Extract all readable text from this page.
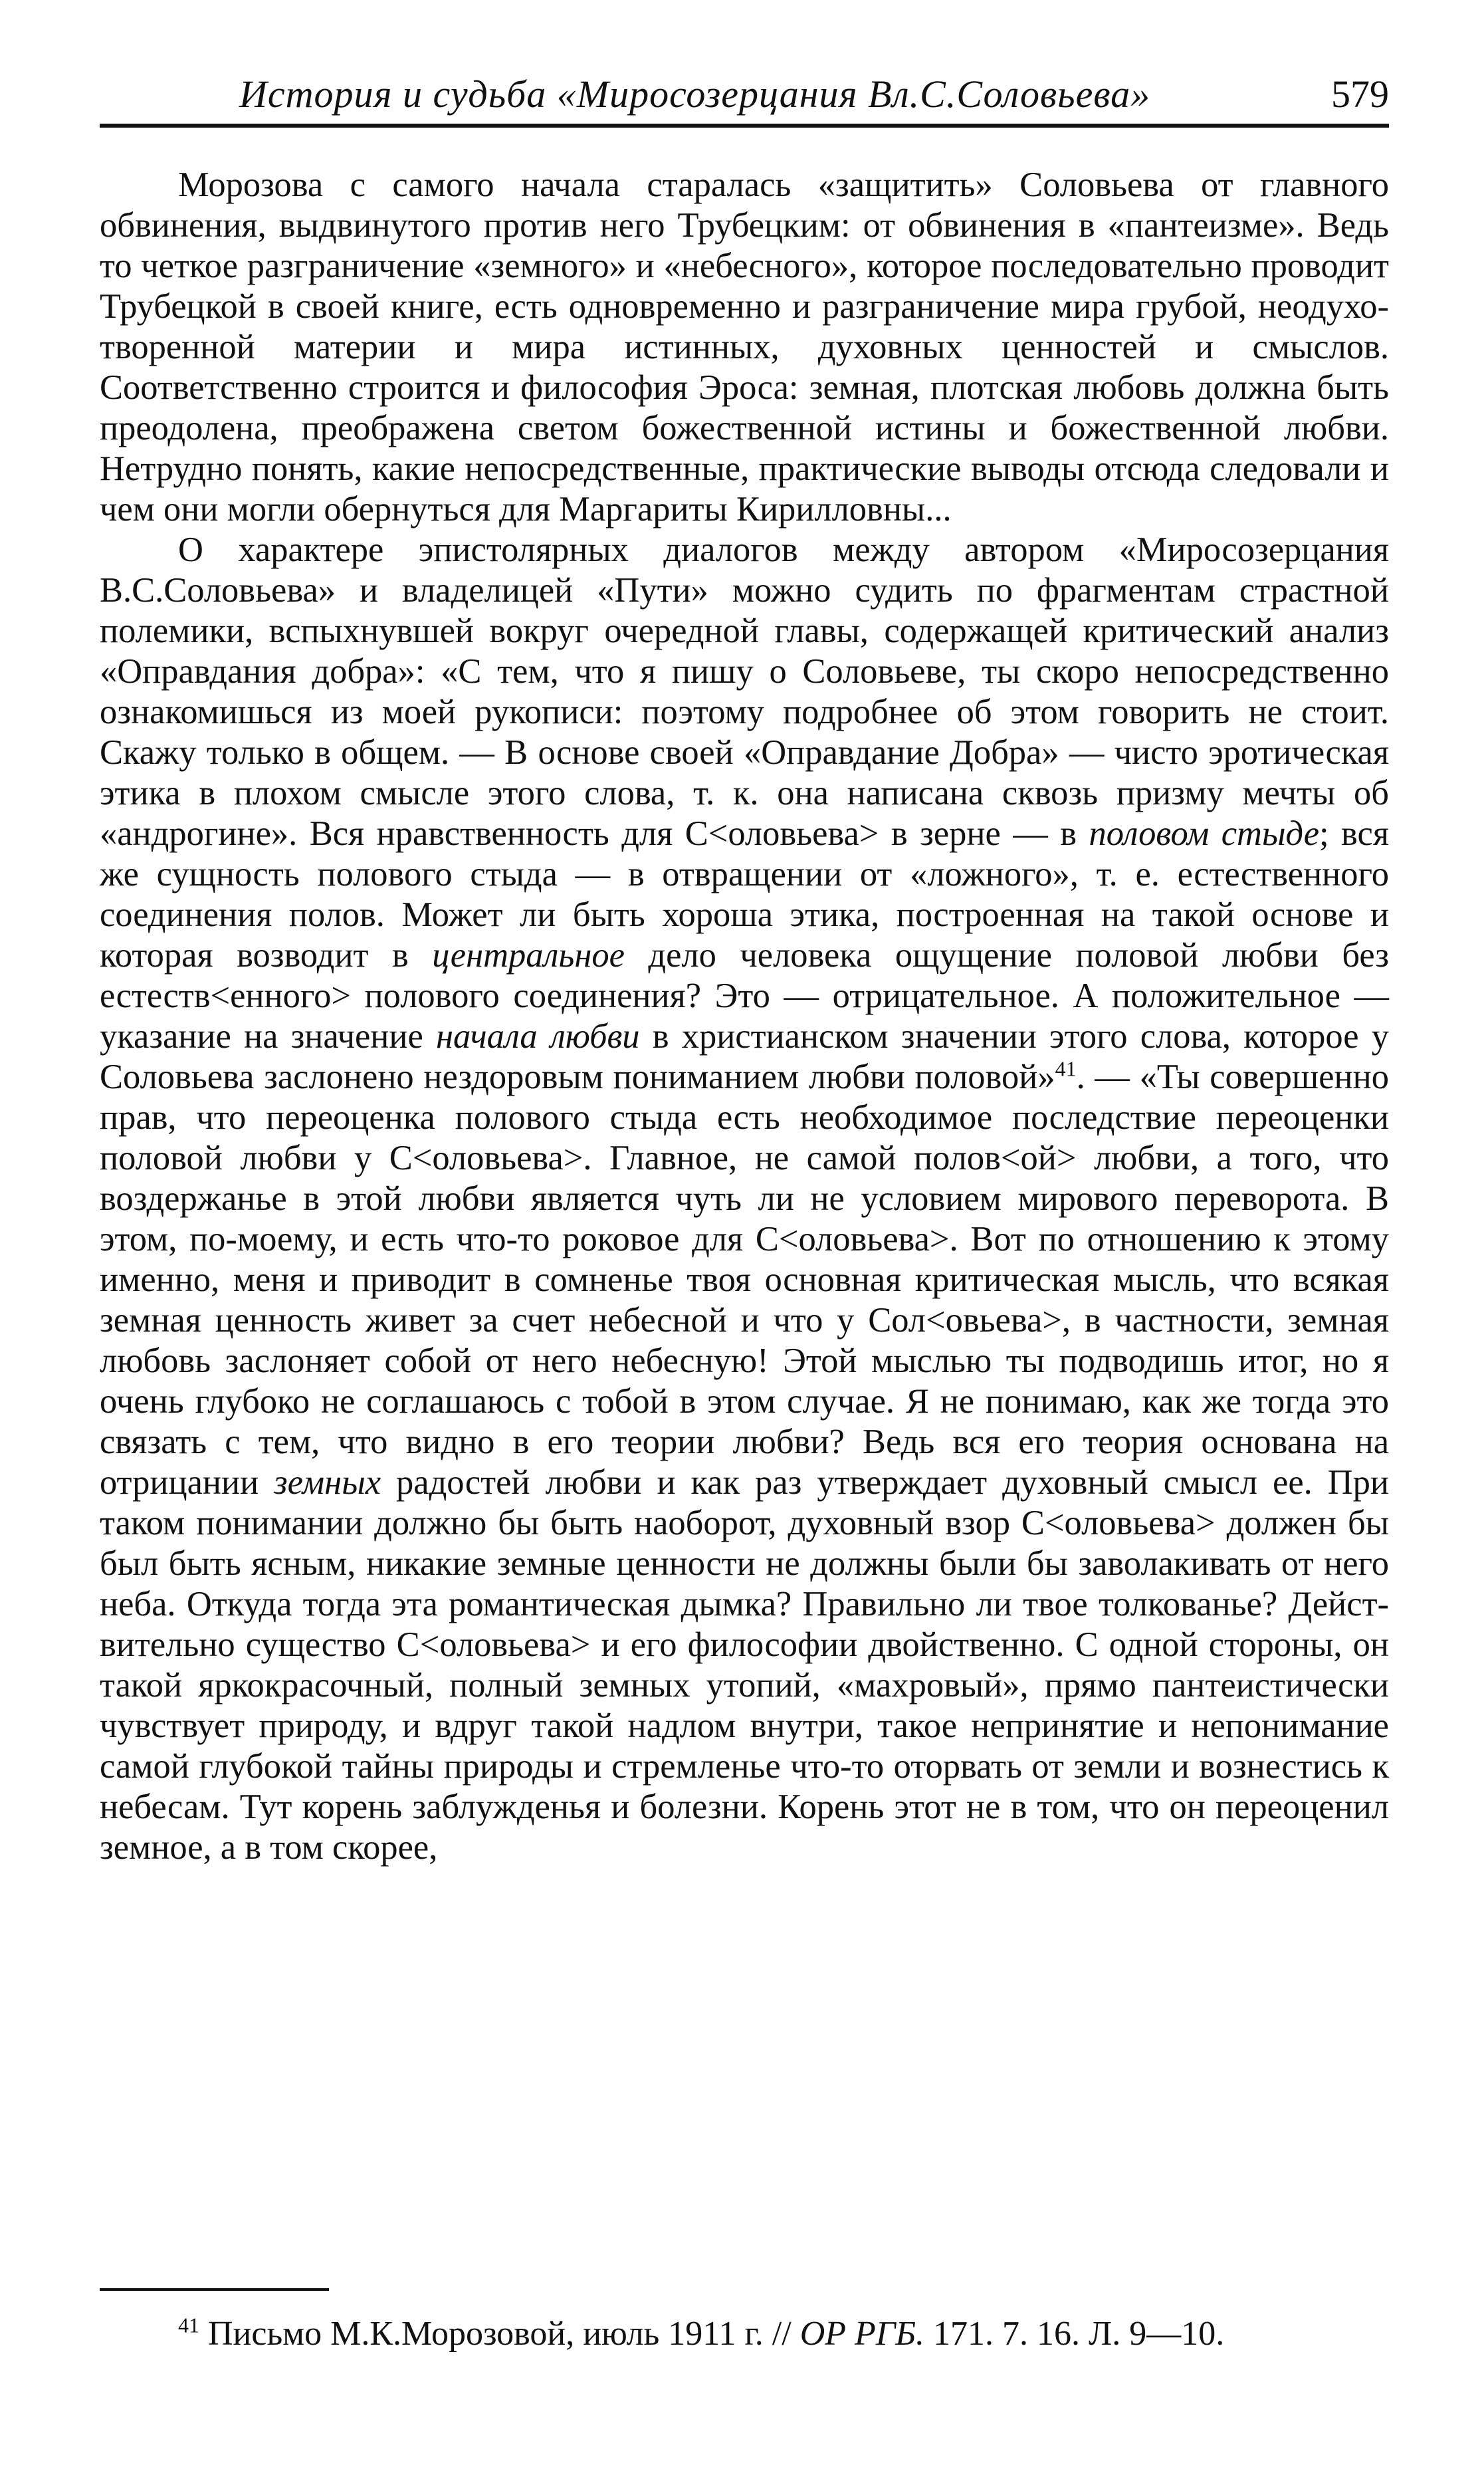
История и судьба «Миросозерцания Вл.С.Соловьева»	579

Морозова с самого начала старалась «защитить» Соловьева от главного обвинения, выдвинутого против него Трубецким: от обвинения в «пантеизме». Ведь то четкое разграничение «земного» и «небесного», которое последовательно проводит Трубецкой в своей книге, есть одновременно и разграничение мира грубой, неодухотворенной материи и мира истинных, духовных ценностей и смыслов. Соответственно строится и философия Эроса: земная, плотская любовь должна быть преодолена, преображена светом божественной истины и божественной любви. Нетрудно понять, какие непосредственные, практические выводы отсюда следовали и чем они могли обернуться для Маргариты Кирилловны...

О характере эпистолярных диалогов между автором «Миросозерцания В.С.Соловьева» и владелицей «Пути» можно судить по фрагментам страстной полемики, вспыхнувшей вокруг очередной главы, содержащей критический анализ «Оправдания добра»: «С тем, что я пишу о Соловьеве, ты скоро непосредственно ознакомишься из моей рукописи: поэтому подробнее об этом говорить не стоит. Скажу только в общем. — В основе своей «Оправдание Добра» — чисто эротическая этика в плохом смысле этого слова, т. к. она написана сквозь призму мечты об «андрогине». Вся нравственность для С<оловьева> в зерне — в половом стыде; вся же сущность полового стыда — в отвращении от «ложного», т. е. естественного соединения полов. Может ли быть хороша этика, построенная на такой основе и которая возводит в центральное дело человека ощущение половой любви без естеств<енного> полового соединения? Это — отрицательное. А положительное — указание на значение начала любви в христианском значении этого слова, которое у Соловьева заслонено нездоровым пониманием любви половой»$^{41}$. — «Ты совершенно прав, что переоценка полового стыда есть необходимое последствие переоценки половой любви у С<оловьева>. Главное, не самой полов<ой> любви, а того, что воздержанье в этой любви является чуть ли не условием мирового переворота. В этом, по-моему, и есть что-то роковое для С<оловьева>. Вот по отношению к этому именно, меня и приводит в сомненье твоя основная критическая мысль, что всякая земная ценность живет за счет небесной и что у Сол<овьева>, в частности, земная любовь заслоняет собой от него небесную! Этой мыслью ты подводишь итог, но я очень глубоко не соглашаюсь с тобой в этом случае. Я не понимаю, как же тогда это связать с тем, что видно в его теории любви? Ведь вся его теория основана на отрицании земных радостей любви и как раз утверждает духовный смысл ее. При таком понимании должно бы быть наоборот, духовный взор С<оловьева> должен бы был быть ясным, никакие земные ценности не должны были бы заволакивать от него неба. Откуда тогда эта романтическая дымка? Правильно ли твое толкованье? Действительно существо С<оловьева> и его философии двойственно. С одной стороны, он такой яркокрасочный, полный земных утопий, «махровый», прямо пантеистически чувствует природу, и вдруг такой надлом внутри, такое непринятие и непонимание самой глубокой тайны природы и стремленье что-то оторвать от земли и вознестись к небесам. Тут корень заблужденья и болезни. Корень этот не в том, что он переоценил земное, а в том скорее,

$^{41}$ Письмо М.К.Морозовой, июль 1911 г. // ОР РГБ. 171. 7. 16. Л. 9—10.
